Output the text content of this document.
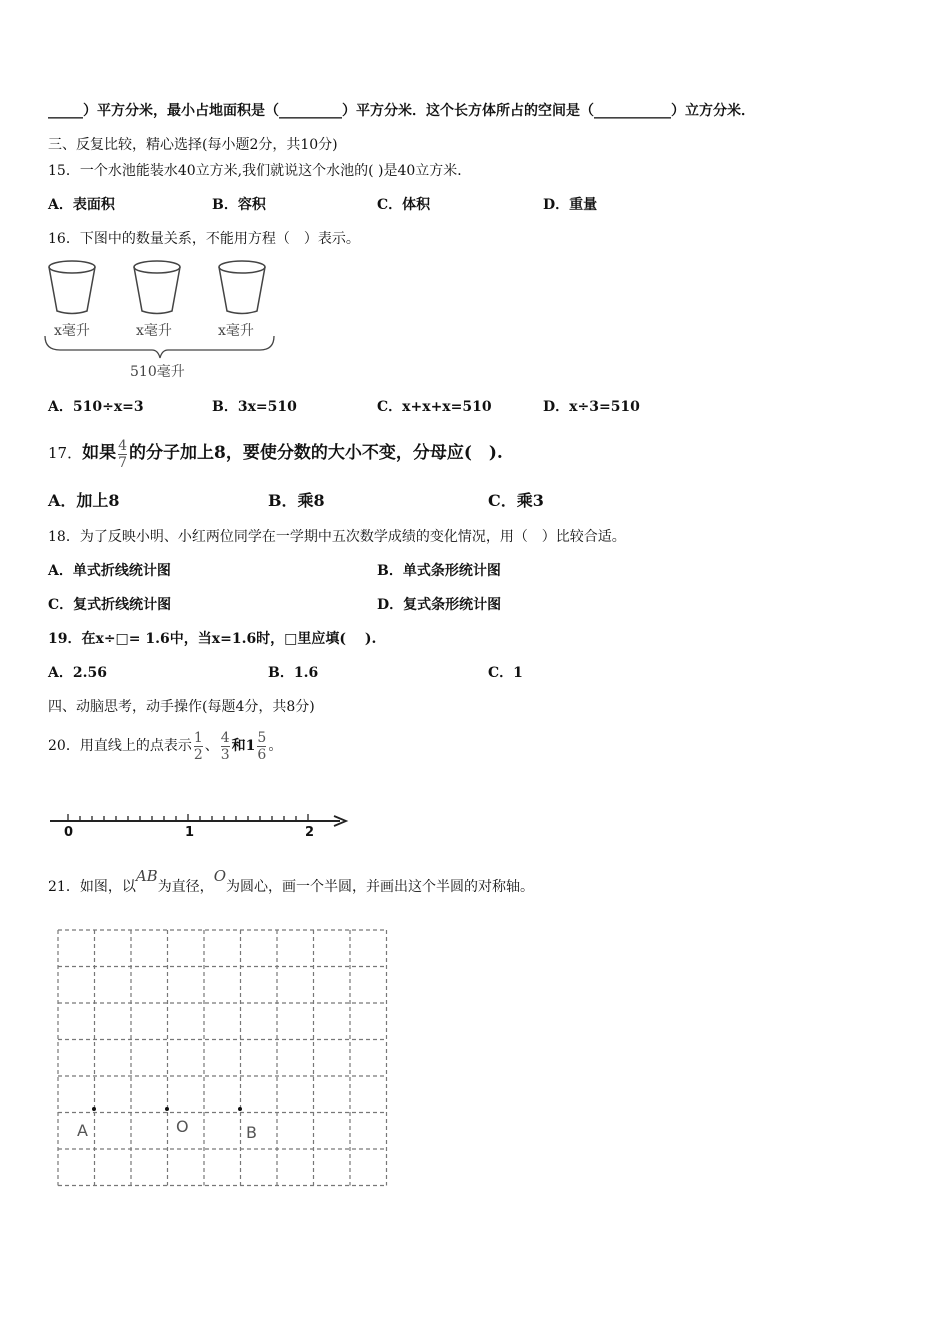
_____）平方分米，最小占地面积是（_________）平方分米．这个长方体所占的空间是（___________）立方分米．
三、反复比较，精心选择(每小题2分，共10分)
15．一个水池能装水40立方米,我们就说这个水池的( )是40立方米．
A．表面积	B．容积	C．体积	D．重量
16．下图中的数量关系，不能用方程（　）表示。
x毫升	x毫升	x毫升
510毫升
A．510÷x=3	B．3x=510	C．x+x+x=510	D．x÷3=510
17．如果 $\frac{4}{7}$ 的分子加上8，要使分数的大小不变，分母应(　).
A．加上8	B．乘8	C．乘3
18．为了反映小明、小红两位同学在一学期中五次数学成绩的变化情况，用（　）比较合适。
A．单式折线统计图	B．单式条形统计图
C．复式折线统计图	D．复式条形统计图
19．在x÷□= 1.6中，当x=1.6时，□里应填(　 ).
A．2.56	B．1.6	C．1
四、动脑思考，动手操作(每题4分，共8分)
20．用直线上的点表示 $\frac{1}{2}$ 、 $\frac{4}{3}$ 和$1 \frac{5}{6}$ 。
0	1	2
21．如图，以AB为直径，O为圆心，画一个半圆，并画出这个半圆的对称轴。
A	O	B
